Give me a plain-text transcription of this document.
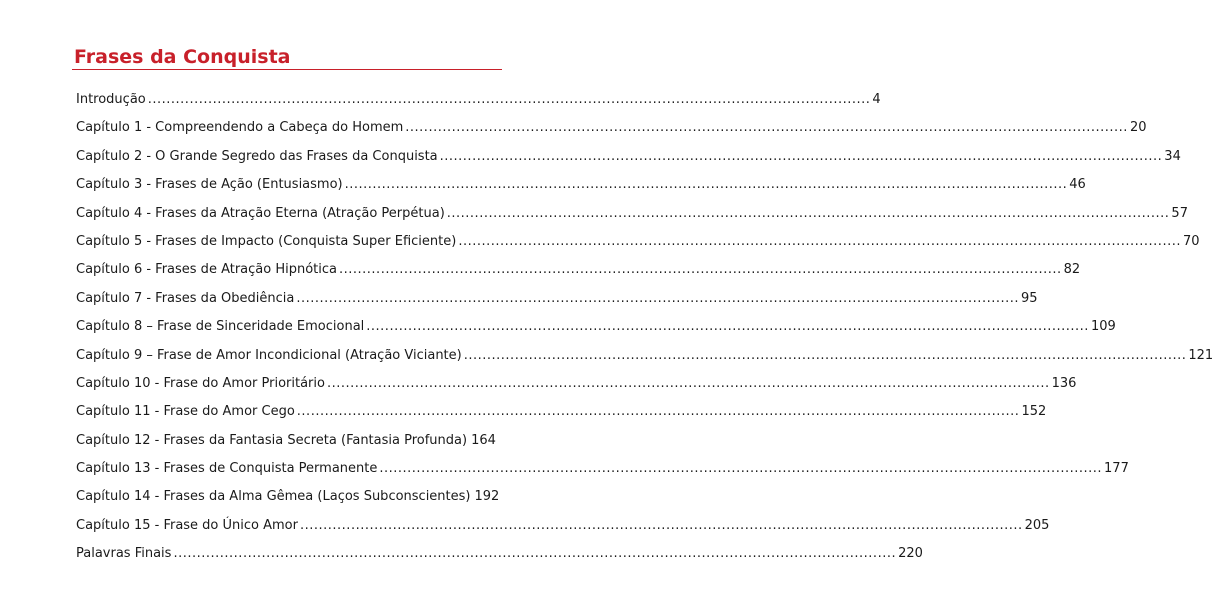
Frases da Conquista
Introdução .....	4
Capítulo 1 - Compreendendo a Cabeça do Homem .....	20
Capítulo 2 - O Grande Segredo das Frases da Conquista .....	34
Capítulo 3 - Frases de Ação (Entusiasmo) .....	46
Capítulo 4 - Frases da Atração Eterna (Atração Perpétua) .....	57
Capítulo 5 - Frases de Impacto (Conquista Super Eficiente) .....	70
Capítulo 6 - Frases de Atração Hipnótica .....	82
Capítulo 7 - Frases da Obediência .....	95
Capítulo 8 – Frase de Sinceridade Emocional .....	109
Capítulo 9 – Frase de Amor Incondicional (Atração Viciante) .....	121
Capítulo 10 - Frase do Amor Prioritário .....	136
Capítulo 11 - Frase do Amor Cego .....	152
Capítulo 12 - Frases da Fantasia Secreta (Fantasia Profunda) 164
Capítulo 13 - Frases de Conquista Permanente .....	177
Capítulo 14 - Frases da Alma Gêmea (Laços Subconscientes) 192
Capítulo 15 - Frase do Único Amor .....	205
Palavras Finais .....	220
